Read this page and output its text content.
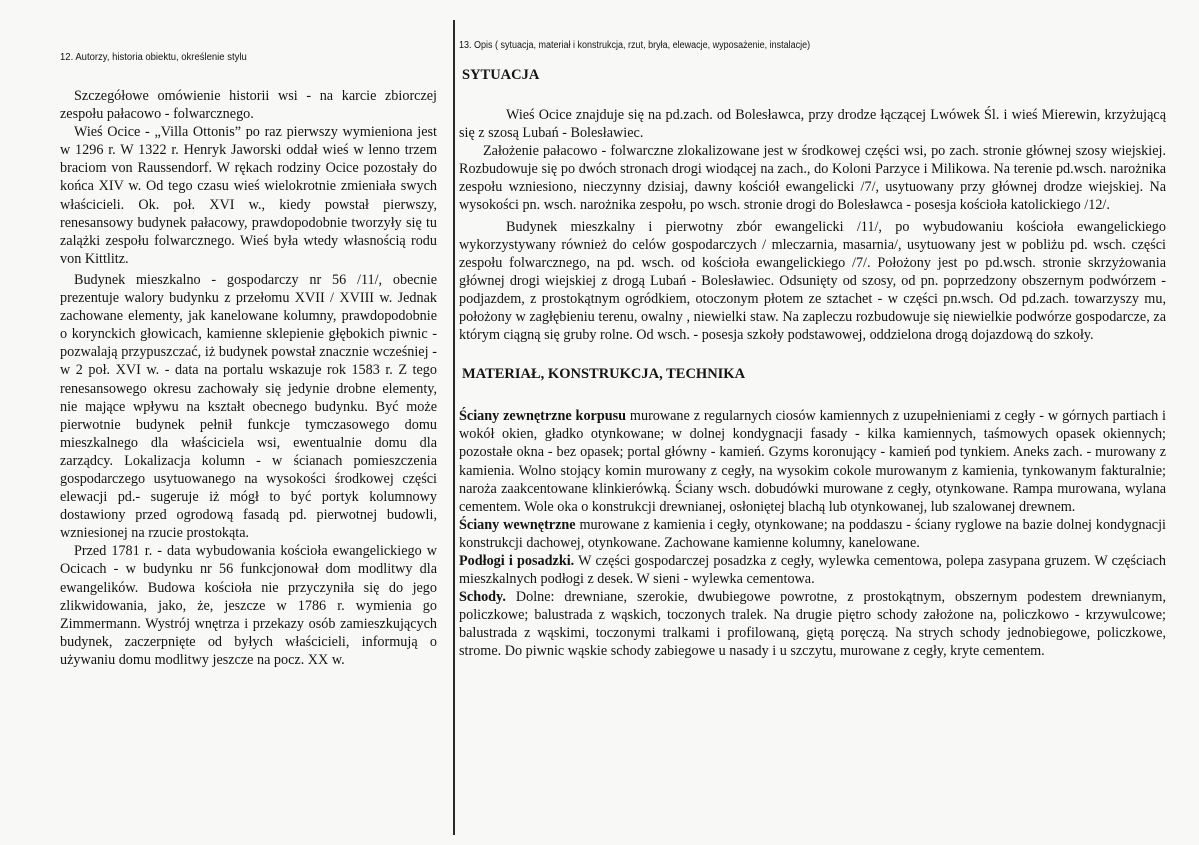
12. Autorzy, historia obiektu, określenie stylu

Szczegółowe omówienie historii wsi - na karcie zbiorczej zespołu pałacowo - folwarcznego.

Wieś Ocice - „Villa Ottonis” po raz pierwszy wymieniona jest w 1296 r. W 1322 r. Henryk Jaworski oddał wieś w lenno trzem braciom von Raussendorf. W rękach rodziny Ocice pozostały do końca XIV w. Od tego czasu wieś wielokrotnie zmieniała swych właścicieli. Ok. poł. XVI w., kiedy powstał pierwszy, renesansowy budynek pałacowy, prawdopodobnie tworzyły się tu zalążki zespołu folwarcznego. Wieś była wtedy własnością rodu von Kittlitz.

Budynek mieszkalno - gospodarczy nr 56 /11/, obecnie prezentuje walory budynku z przełomu XVII / XVIII w. Jednak zachowane elementy, jak kanelowane kolumny, prawdopodobnie o korynckich głowicach, kamienne sklepienie głębokich piwnic - pozwalają przypuszczać, iż budynek powstał znacznie wcześniej - w 2 poł. XVI w. - data na portalu wskazuje rok 1583 r. Z tego renesansowego okresu zachowały się jedynie drobne elementy, nie mające wpływu na kształt obecnego budynku. Być może pierwotnie budynek pełnił funkcje tymczasowego domu mieszkalnego dla właściciela wsi, ewentualnie domu dla zarządcy. Lokalizacja kolumn - w ścianach pomieszczenia gospodarczego usytuowanego na wysokości środkowej części elewacji pd.- sugeruje iż mógł to być portyk kolumnowy dostawiony przed ogrodową fasadą pd. pierwotnej budowli, wzniesionej na rzucie prostokąta.

Przed 1781 r. - data wybudowania kościoła ewangelickiego w Ocicach - w budynku nr 56 funkcjonował dom modlitwy dla ewangelików. Budowa kościoła nie przyczyniła się do jego zlikwidowania, jako, że, jeszcze w 1786 r. wymienia go Zimmermann. Wystrój wnętrza i przekazy osób zamieszkujących budynek, zaczerpnięte od byłych właścicieli, informują o używaniu domu modlitwy jeszcze na pocz. XX w.

13. Opis ( sytuacja, materiał i konstrukcja, rzut, bryła, elewacje, wyposażenie, instalacje)

SYTUACJA

Wieś Ocice znajduje się na pd.zach. od Bolesławca, przy drodze łączącej Lwówek Śl. i wieś Mierewin, krzyżującą się z szosą Lubań - Bolesławiec.

Założenie pałacowo - folwarczne zlokalizowane jest w środkowej części wsi, po zach. stronie głównej szosy wiejskiej. Rozbudowuje się po dwóch stronach drogi wiodącej na zach., do Koloni Parzyce i Milikowa. Na terenie pd.wsch. narożnika zespołu wzniesiono, nieczynny dzisiaj, dawny kościół ewangelicki /7/, usytuowany przy głównej drodze wiejskiej. Na wysokości pn. wsch. narożnika zespołu, po wsch. stronie drogi do Bolesławca - posesja kościoła katolickiego /12/.

Budynek mieszkalny i pierwotny zbór ewangelicki /11/, po wybudowaniu kościoła ewangelickiego wykorzystywany również do celów gospodarczych / mleczarnia, masarnia/, usytuowany jest w pobliżu pd. wsch. części zespołu folwarcznego, na pd. wsch. od kościoła ewangelickiego /7/. Położony jest po pd.wsch. stronie skrzyżowania głównej drogi wiejskiej z drogą Lubań - Bolesławiec. Odsunięty od szosy, od pn. poprzedzony obszernym podwórzem - podjazdem, z prostokątnym ogródkiem, otoczonym płotem ze sztachet - w części pn.wsch. Od pd.zach. towarzyszy mu, położony w zagłębieniu terenu, owalny , niewielki staw. Na zapleczu rozbudowuje się niewielkie podwórze gospodarcze, za którym ciągną się gruby rolne. Od wsch. - posesja szkoły podstawowej, oddzielona drogą dojazdową do szkoły.

MATERIAŁ, KONSTRUKCJA, TECHNIKA

Ściany zewnętrzne korpusu murowane z regularnych ciosów kamiennych z uzupełnieniami z cegły - w górnych partiach i wokół okien, gładko otynkowane; w dolnej kondygnacji fasady - kilka kamiennych, taśmowych opasek okiennych; pozostałe okna - bez opasek; portal główny - kamień. Gzyms koronujący - kamień pod tynkiem. Aneks zach. - murowany z kamienia. Wolno stojący komin murowany z cegły, na wysokim cokole murowanym z kamienia, tynkowanym fakturalnie; naroża zaakcentowane klinkierówką. Ściany wsch. dobudówki murowane z cegły, otynkowane. Rampa murowana, wylana cementem. Wole oka o konstrukcji drewnianej, osłoniętej blachą lub otynkowanej, lub szalowanej drewnem.

Ściany wewnętrzne murowane z kamienia i cegły, otynkowane; na poddaszu - ściany ryglowe na bazie dolnej kondygnacji konstrukcji dachowej, otynkowane. Zachowane kamienne kolumny, kanelowane.

Podłogi i posadzki. W części gospodarczej posadzka z cegły, wylewka cementowa, polepa zasypana gruzem. W częściach mieszkalnych podłogi z desek. W sieni - wylewka cementowa.

Schody. Dolne: drewniane, szerokie, dwubiegowe powrotne, z prostokątnym, obszernym podestem drewnianym, policzkowe; balustrada z wąskich, toczonych tralek. Na drugie piętro schody założone na, policzkowo - krzywulcowe; balustrada z wąskimi, toczonymi tralkami i profilowaną, giętą poręczą. Na strych schody jednobiegowe, policzkowe, strome. Do piwnic wąskie schody zabiegowe u nasady i u szczytu, murowane z cegły, kryte cementem.
